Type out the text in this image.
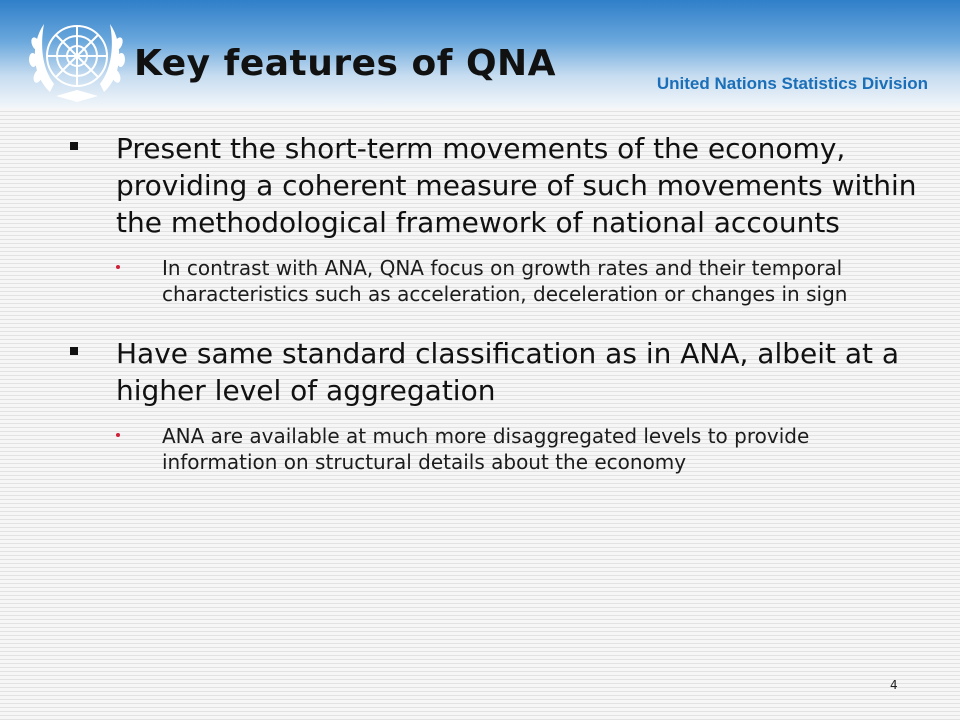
Key features of QNA	United Nations Statistics Division

Present the short-term movements of the economy, providing a coherent measure of such movements within the methodological framework of national accounts

In contrast with ANA, QNA focus on growth rates and their temporal characteristics such as acceleration, deceleration or changes in sign

Have same standard classification as in ANA, albeit at a higher level of aggregation

ANA are available at much more disaggregated levels to provide information on structural details about the economy

4
